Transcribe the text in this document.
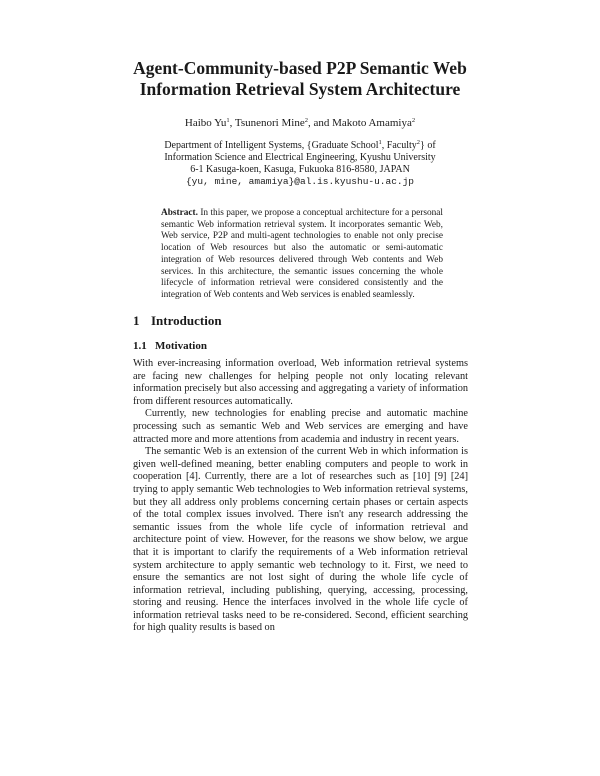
Agent-Community-based P2P Semantic Web
Information Retrieval System Architecture
Haibo Yu$^1$, Tsunenori Mine$^2$, and Makoto Amamiya$^2$
Department of Intelligent Systems, {Graduate School$^1$, Faculty$^2$} of
Information Science and Electrical Engineering, Kyushu University
6-1 Kasuga-koen, Kasuga, Fukuoka 816-8580, JAPAN
{yu, mine, amamiya}@al.is.kyushu-u.ac.jp
Abstract. In this paper, we propose a conceptual architecture for a personal semantic Web information retrieval system. It incorporates semantic Web, Web service, P2P and multi-agent technologies to enable not only precise location of Web resources but also the automatic or semi-automatic integration of Web resources delivered through Web contents and Web services. In this architecture, the semantic issues concerning the whole lifecycle of information retrieval were considered consistently and the integration of Web contents and Web services is enabled seamlessly.
1 Introduction
1.1 Motivation

With ever-increasing information overload, Web information retrieval systems are facing new challenges for helping people not only locating relevant information precisely but also accessing and aggregating a variety of information from different resources automatically.

Currently, new technologies for enabling precise and automatic machine processing such as semantic Web and Web services are emerging and have attracted more and more attentions from academia and industry in recent years.

The semantic Web is an extension of the current Web in which information is given well-defined meaning, better enabling computers and people to work in cooperation [4]. Currently, there are a lot of researches such as [10] [9] [24] trying to apply semantic Web technologies to Web information retrieval systems, but they all address only problems concerning certain phases or certain aspects of the total complex issues involved. There isn't any research addressing the semantic issues from the whole life cycle of information retrieval and architecture point of view. However, for the reasons we show below, we argue that it is important to clarify the requirements of a Web information retrieval system architecture to apply semantic web technology to it. First, we need to ensure the semantics are not lost sight of during the whole life cycle of information retrieval, including publishing, querying, accessing, processing, storing and reusing. Hence the interfaces involved in the whole life cycle of information retrieval tasks need to be re-considered. Second, efficient searching for high quality results is based on
